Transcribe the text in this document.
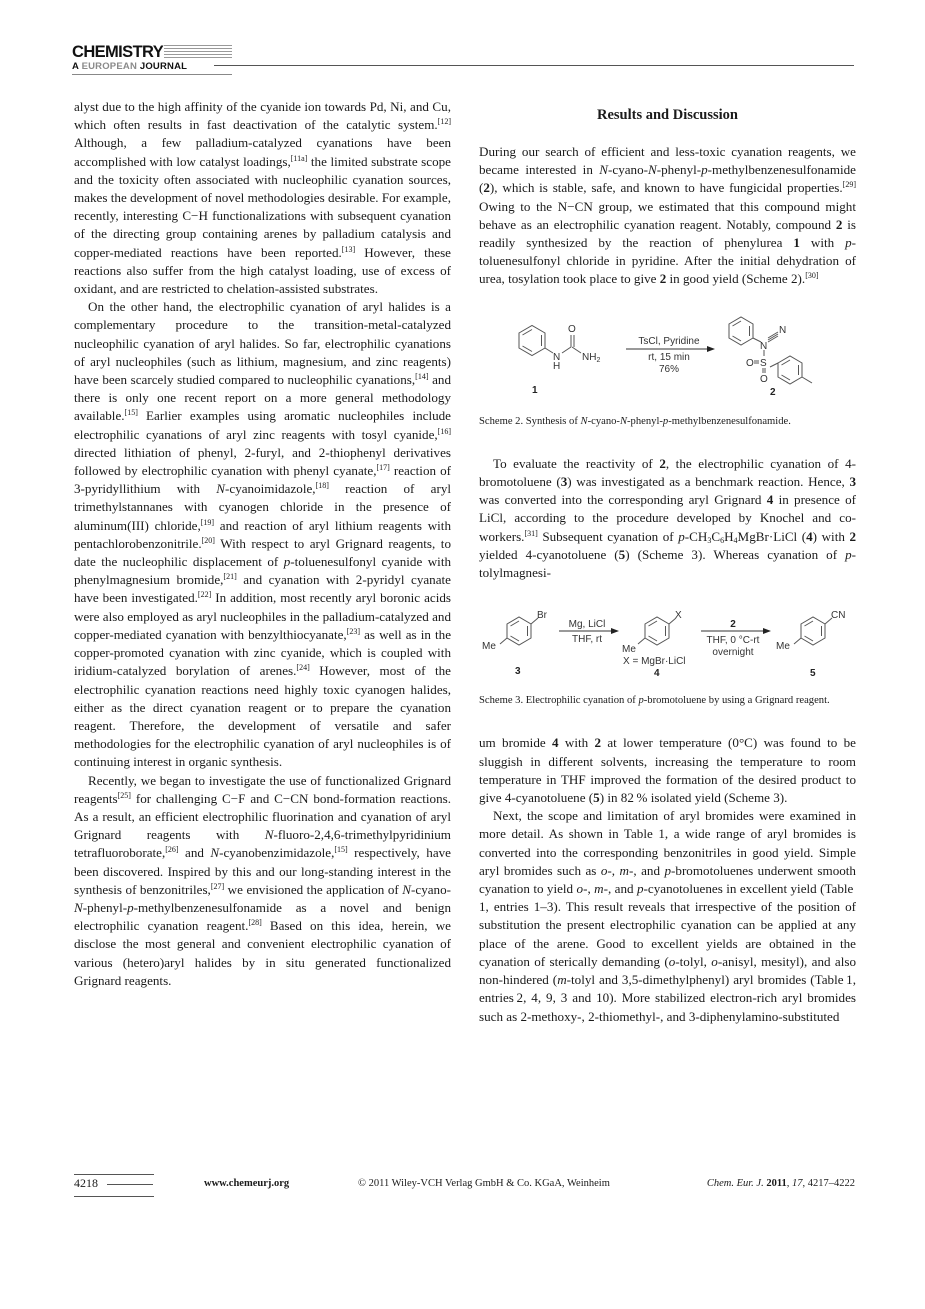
CHEMISTRY
A EUROPEAN JOURNAL

alyst due to the high affinity of the cyanide ion towards Pd, Ni, and Cu, which often results in fast deactivation of the catalytic system.[12] Although, a few palladium-catalyzed cyanations have been accomplished with low catalyst loadings,[11a] the limited substrate scope and the toxicity often associated with nucleophilic cyanation sources, makes the development of novel methodologies desirable. For example, recently, interesting C−H functionalizations with subsequent cyanation of the directing group containing arenes by palladium catalysis and copper-mediated reactions have been reported.[13] However, these reactions also suffer from the high catalyst loading, use of excess of oxidant, and are restricted to chelation-assisted substrates.

On the other hand, the electrophilic cyanation of aryl halides is a complementary procedure to the transition-metal-catalyzed nucleophilic cyanation of aryl halides. So far, electrophilic cyanations of aryl nucleophiles (such as lithium, magnesium, and zinc reagents) have been scarcely studied compared to nucleophilic cyanations,[14] and there is only one recent report on a more general methodology available.[15] Earlier examples using aromatic nucleophiles include electrophilic cyanations of aryl zinc reagents with tosyl cyanide,[16] directed lithiation of phenyl, 2-furyl, and 2-thiophenyl derivatives followed by electrophilic cyanation with phenyl cyanate,[17] reaction of 3-pyridyllithium with N-cyanoimidazole,[18] reaction of aryl trimethylstannanes with cyanogen chloride in the presence of aluminum(III) chloride,[19] and reaction of aryl lithium reagents with pentachlorobenzonitrile.[20] With respect to aryl Grignard reagents, to date the nucleophilic displacement of p-toluenesulfonyl cyanide with phenylmagnesium bromide,[21] and cyanation with 2-pyridyl cyanate have been investigated.[22] In addition, most recently aryl boronic acids were also employed as aryl nucleophiles in the palladium-catalyzed and copper-mediated cyanation with benzylthiocyanate,[23] as well as in the copper-promoted cyanation with zinc cyanide, which is coupled with iridium-catalyzed borylation of arenes.[24] However, most of the electrophilic cyanation reactions need highly toxic cyanogen halides, either as the direct cyanation reagent or to prepare the cyanation reagent. Therefore, the development of versatile and safer methodologies for the electrophilic cyanation of aryl nucleophiles is of continuing interest in organic synthesis.

Recently, we began to investigate the use of functionalized Grignard reagents[25] for challenging C−F and C−CN bond-formation reactions. As a result, an efficient electrophilic fluorination and cyanation of aryl Grignard reagents with N-fluoro-2,4,6-trimethylpyridinium tetrafluoroborate,[26] and N-cyanobenzimidazole,[15] respectively, have been discovered. Inspired by this and our long-standing interest in the synthesis of benzonitriles,[27] we envisioned the application of N-cyano-N-phenyl-p-methylbenzenesulfonamide as a novel and benign electrophilic cyanation reagent.[28] Based on this idea, herein, we disclose the most general and convenient electrophilic cyanation of various (hetero)aryl halides by in situ generated functionalized Grignard reagents.

Results and Discussion

During our search of efficient and less-toxic cyanation reagents, we became interested in N-cyano-N-phenyl-p-methylbenzenesulfonamide (2), which is stable, safe, and known to have fungicidal properties.[29] Owing to the N−CN group, we estimated that this compound might behave as an electrophilic cyanation reagent. Notably, compound 2 is readily synthesized by the reaction of phenylurea 1 with p-toluenesulfonyl chloride in pyridine. After the initial dehydration of urea, tosylation took place to give 2 in good yield (Scheme 2).[30]

O
N
H
$NH_2$
1
TsCl, Pyridine
rt, 15 min
76%
N
N
S
O
O
2

Scheme 2. Synthesis of N-cyano-N-phenyl-p-methylbenzenesulfonamide.

To evaluate the reactivity of 2, the electrophilic cyanation of 4-bromotoluene (3) was investigated as a benchmark reaction. Hence, 3 was converted into the corresponding aryl Grignard 4 in presence of LiCl, according to the procedure developed by Knochel and co-workers.[31] Subsequent cyanation of $p-CH_3C_6H_4MgBr\cdot LiCl$ (4) with 2 yielded 4-cyanotoluene (5) (Scheme 3). Whereas cyanation of p-tolylmagnesi-

Br
Me
3
Mg, LiCl
THF, rt
X
Me
X = MgBr·LiCl
4
2
THF, 0 °C-rt
overnight
CN
Me
5

Scheme 3. Electrophilic cyanation of p-bromotoluene by using a Grignard reagent.

um bromide 4 with 2 at lower temperature (0°C) was found to be sluggish in different solvents, increasing the temperature to room temperature in THF improved the formation of the desired product to give 4-cyanotoluene (5) in 82 % isolated yield (Scheme 3).

Next, the scope and limitation of aryl bromides were examined in more detail. As shown in Table 1, a wide range of aryl bromides is converted into the corresponding benzonitriles in good yield. Simple aryl bromides such as o-, m-, and p-bromotoluenes underwent smooth cyanation to yield o-, m-, and p-cyanotoluenes in excellent yield (Table 1, entries 1–3). This result reveals that irrespective of the position of substitution the present electrophilic cyanation can be applied at any place of the arene. Good to excellent yields are obtained in the cyanation of sterically demanding (o-tolyl, o-anisyl, mesityl), and also non-hindered (m-tolyl and 3,5-dimethylphenyl) aryl bromides (Table 1, entries 2, 4, 9, 3 and 10). More stabilized electron-rich aryl bromides such as 2-methoxy-, 2-thiomethyl-, and 3-diphenylamino-substituted

4218	www.chemeurj.org	© 2011 Wiley-VCH Verlag GmbH & Co. KGaA, Weinheim	Chem. Eur. J. 2011, 17, 4217–4222
